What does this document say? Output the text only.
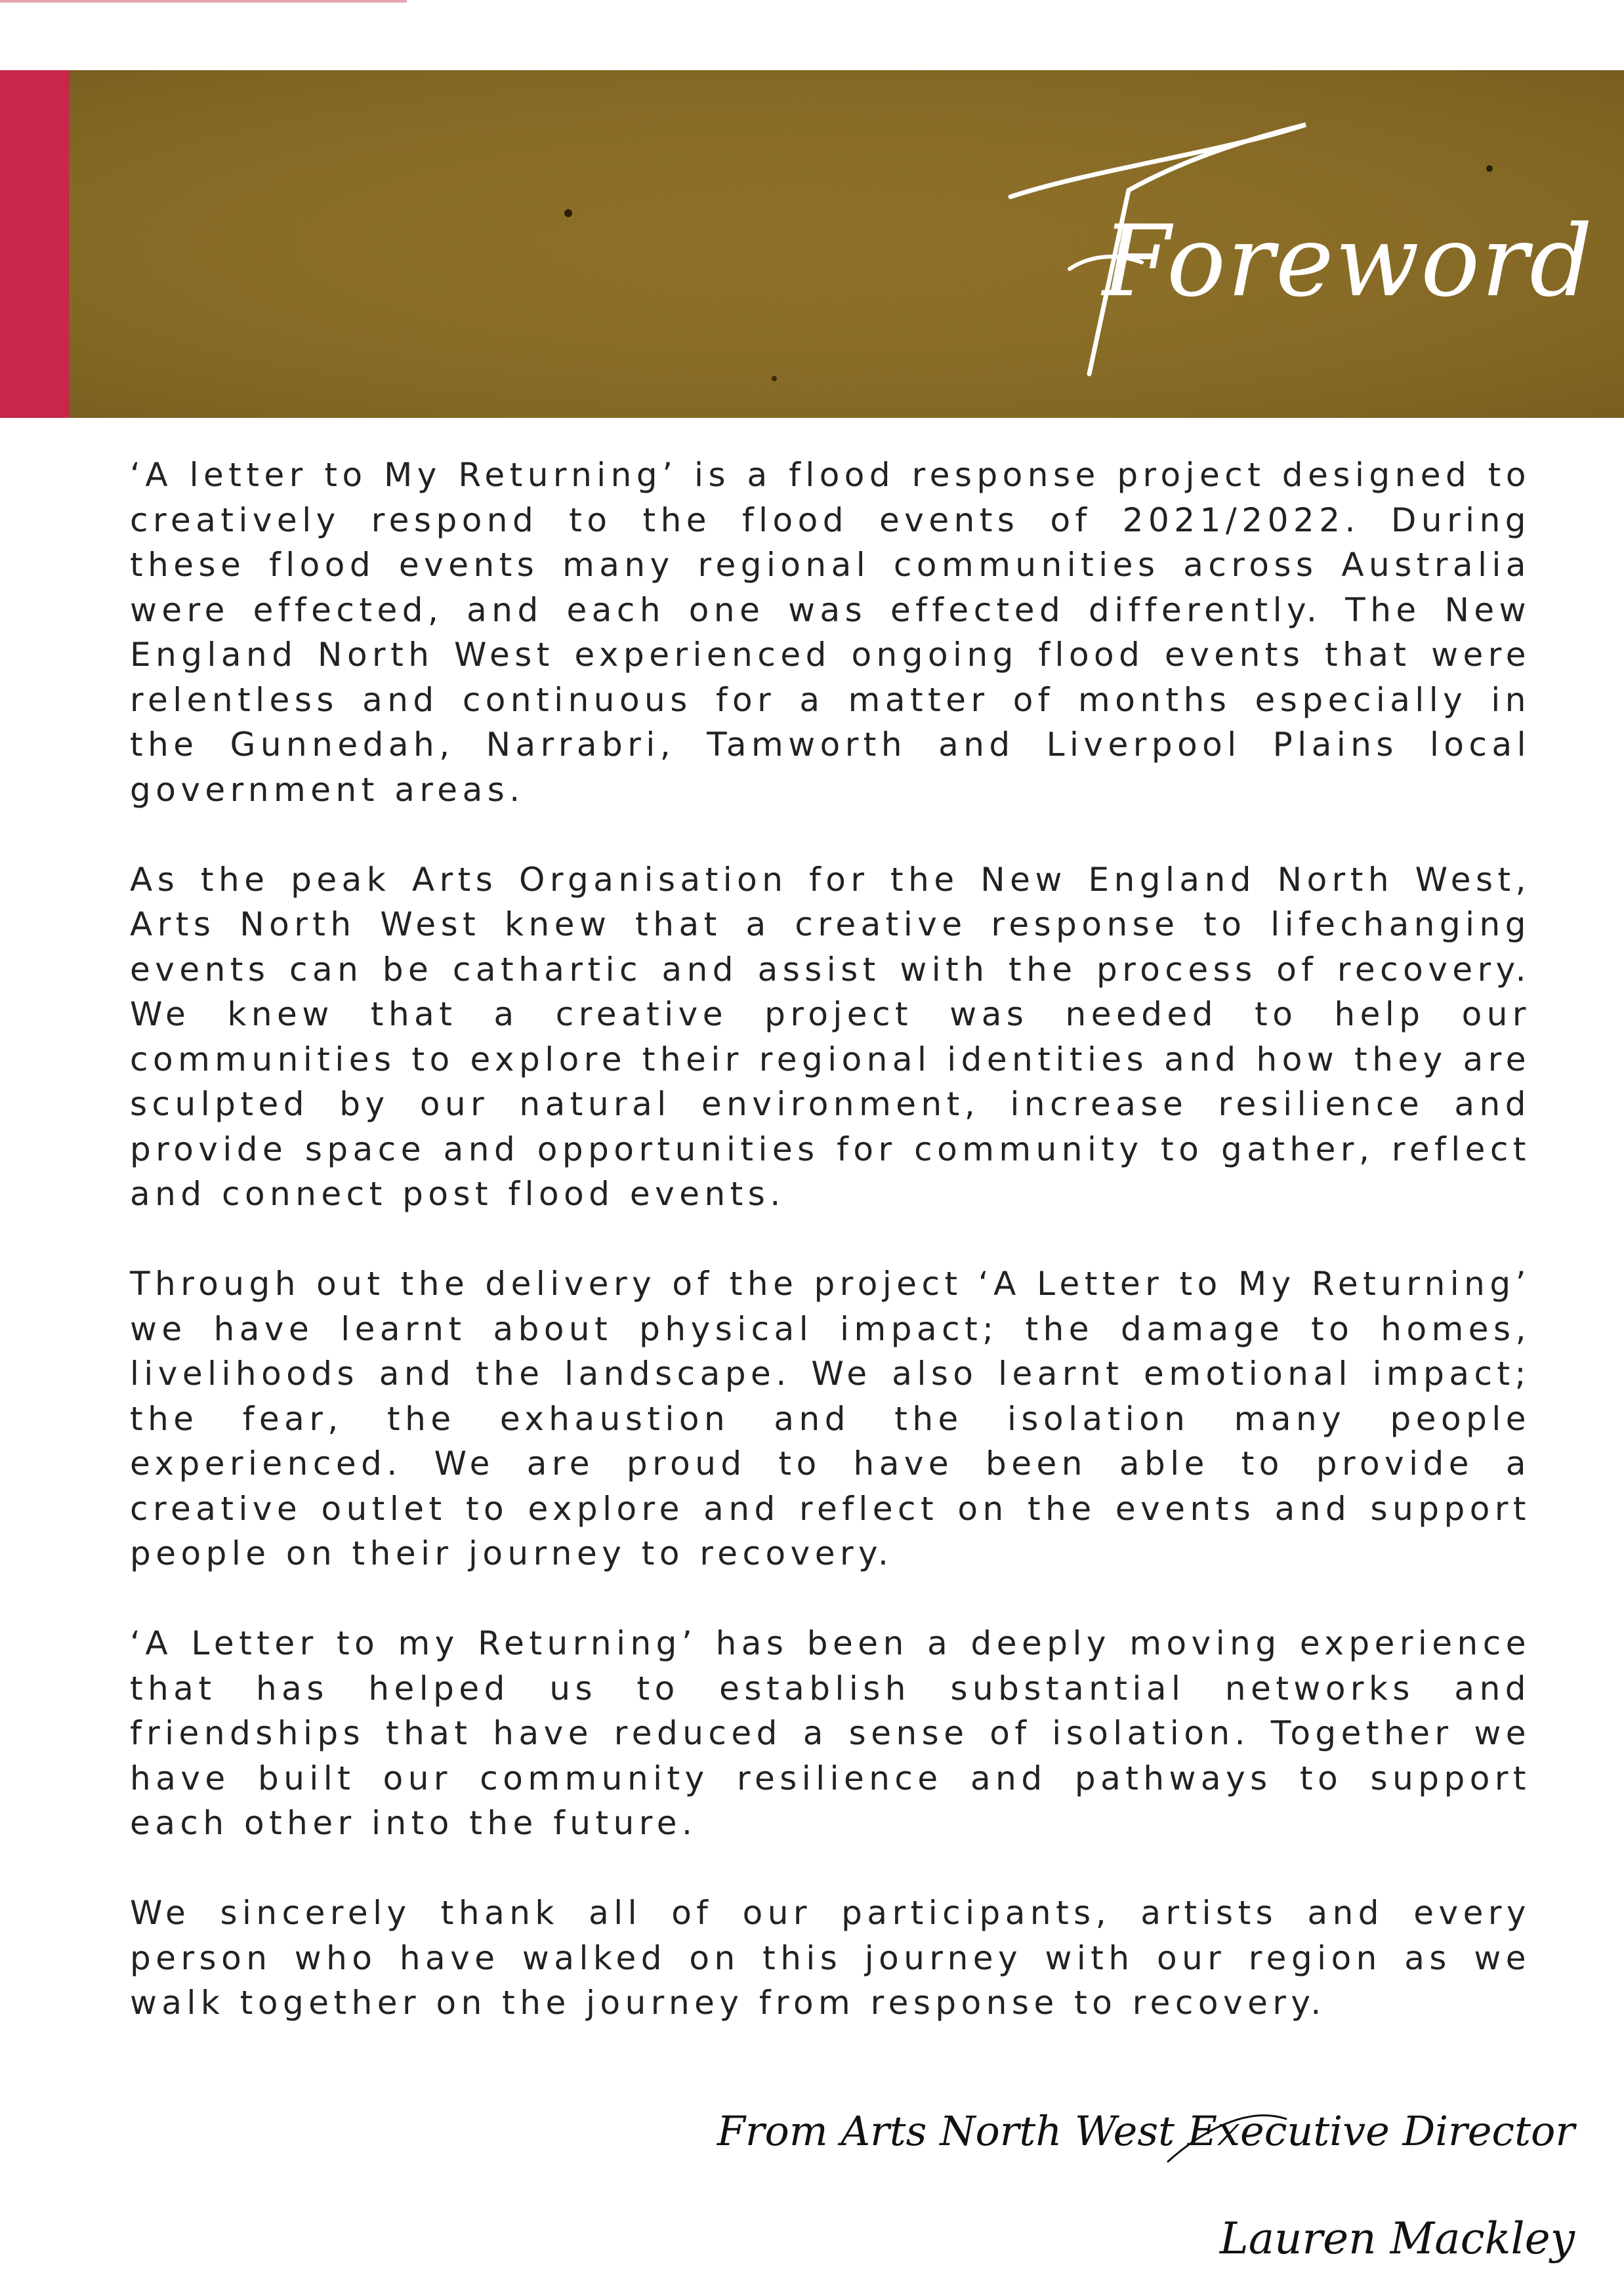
Foreword

‘A letter to My Returning’ is a flood response project designed to creatively respond to the flood events of 2021/2022. During these flood events many regional communities across Australia were effected, and each one was effected differently. The New England North West experienced ongoing flood events that were relentless and continuous for a matter of months especially in the Gunnedah, Narrabri, Tamworth and Liverpool Plains local government areas.

As the peak Arts Organisation for the New England North West, Arts North West knew that a creative response to lifechanging events can be cathartic and assist with the process of recovery. We knew that a creative project was needed to help our communities to explore their regional identities and how they are sculpted by our natural environment, increase resilience and provide space and opportunities for community to gather, reflect and connect post flood events.

Through out the delivery of the project ‘A Letter to My Returning’ we have learnt about physical impact; the damage to homes, livelihoods and the landscape. We also learnt emotional impact; the fear, the exhaustion and the isolation many people experienced. We are proud to have been able to provide a creative outlet to explore and reflect on the events and support people on their journey to recovery.

‘A Letter to my Returning’ has been a deeply moving experience that has helped us to establish substantial networks and friendships that have reduced a sense of isolation. Together we have built our community resilience and pathways to support each other into the future.

We sincerely thank all of our participants, artists and every person who have walked on this journey with our region as we walk together on the journey from response to recovery.

From Arts North West Executive Director
Lauren Mackley
